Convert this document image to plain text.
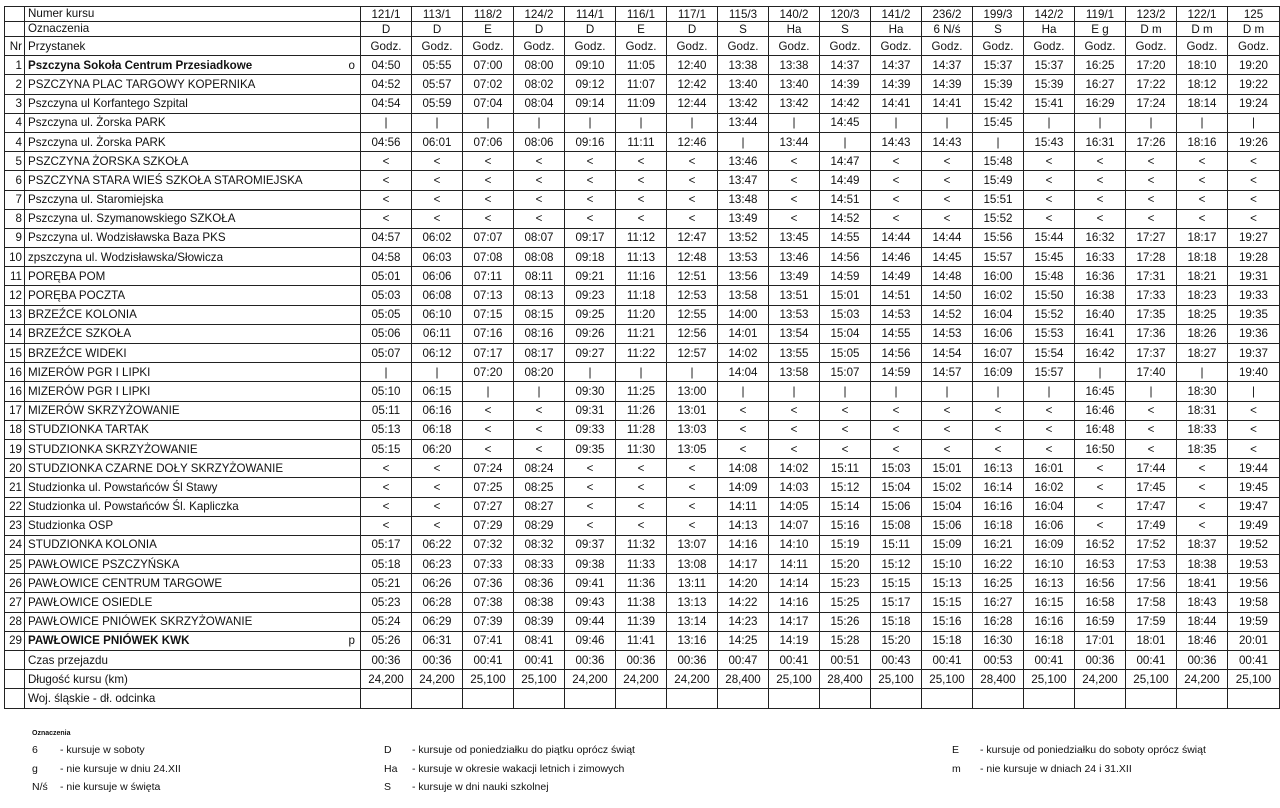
	Numer kursu	121/1	113/1	118/2	124/2	114/1	116/1	117/1	115/3	140/2	120/3	141/2	236/2	199/3	142/2	119/1	123/2	122/1	125
	Oznaczenia	D	D	E	D	D	E	D	S	Ha	S	Ha	6 N/ś	S	Ha	E g	D m	D m	D m
Nr	Przystanek	Godz.	Godz.	Godz.	Godz.	Godz.	Godz.	Godz.	Godz.	Godz.	Godz.	Godz.	Godz.	Godz.	Godz.	Godz.	Godz.	Godz.	Godz.
1	Pszczyna Sokoła Centrum Przesiadkowe o	04:50	05:55	07:00	08:00	09:10	11:05	12:40	13:38	13:38	14:37	14:37	14:37	15:37	15:37	16:25	17:20	18:10	19:20
2	PSZCZYNA PLAC TARGOWY KOPERNIKA	04:52	05:57	07:02	08:02	09:12	11:07	12:42	13:40	13:40	14:39	14:39	14:39	15:39	15:39	16:27	17:22	18:12	19:22
3	Pszczyna ul Korfantego Szpital	04:54	05:59	07:04	08:04	09:14	11:09	12:44	13:42	13:42	14:42	14:41	14:41	15:42	15:41	16:29	17:24	18:14	19:24
4	Pszczyna ul. Żorska PARK	|	|	|	|	|	|	|	13:44	|	14:45	|	|	15:45	|	|	|	|	|
4	Pszczyna ul. Żorska PARK	04:56	06:01	07:06	08:06	09:16	11:11	12:46	|	13:44	|	14:43	14:43	|	15:43	16:31	17:26	18:16	19:26
5	PSZCZYNA ŻORSKA SZKOŁA	<	<	<	<	<	<	<	13:46	<	14:47	<	<	15:48	<	<	<	<	<
6	PSZCZYNA STARA WIEŚ SZKOŁA STAROMIEJSKA	<	<	<	<	<	<	<	13:47	<	14:49	<	<	15:49	<	<	<	<	<
7	Pszczyna ul. Staromiejska	<	<	<	<	<	<	<	13:48	<	14:51	<	<	15:51	<	<	<	<	<
8	Pszczyna ul. Szymanowskiego SZKOŁA	<	<	<	<	<	<	<	13:49	<	14:52	<	<	15:52	<	<	<	<	<
9	Pszczyna ul. Wodzisławska Baza PKS	04:57	06:02	07:07	08:07	09:17	11:12	12:47	13:52	13:45	14:55	14:44	14:44	15:56	15:44	16:32	17:27	18:17	19:27
10	zpszczyna ul. Wodzisławska/Słowicza	04:58	06:03	07:08	08:08	09:18	11:13	12:48	13:53	13:46	14:56	14:46	14:45	15:57	15:45	16:33	17:28	18:18	19:28
11	PORĘBA POM	05:01	06:06	07:11	08:11	09:21	11:16	12:51	13:56	13:49	14:59	14:49	14:48	16:00	15:48	16:36	17:31	18:21	19:31
12	PORĘBA POCZTA	05:03	06:08	07:13	08:13	09:23	11:18	12:53	13:58	13:51	15:01	14:51	14:50	16:02	15:50	16:38	17:33	18:23	19:33
13	BRZEŹCE KOLONIA	05:05	06:10	07:15	08:15	09:25	11:20	12:55	14:00	13:53	15:03	14:53	14:52	16:04	15:52	16:40	17:35	18:25	19:35
14	BRZEŹCE SZKOŁA	05:06	06:11	07:16	08:16	09:26	11:21	12:56	14:01	13:54	15:04	14:55	14:53	16:06	15:53	16:41	17:36	18:26	19:36
15	BRZEŹCE WIDEKI	05:07	06:12	07:17	08:17	09:27	11:22	12:57	14:02	13:55	15:05	14:56	14:54	16:07	15:54	16:42	17:37	18:27	19:37
16	MIZERÓW PGR I LIPKI	|	|	07:20	08:20	|	|	|	14:04	13:58	15:07	14:59	14:57	16:09	15:57	|	17:40	|	19:40
16	MIZERÓW PGR I LIPKI	05:10	06:15	|	|	09:30	11:25	13:00	|	|	|	|	|	|	|	16:45	|	18:30	|
17	MIZERÓW SKRZYŻOWANIE	05:11	06:16	<	<	09:31	11:26	13:01	<	<	<	<	<	<	<	16:46	<	18:31	<
18	STUDZIONKA TARTAK	05:13	06:18	<	<	09:33	11:28	13:03	<	<	<	<	<	<	<	16:48	<	18:33	<
19	STUDZIONKA SKRZYŻOWANIE	05:15	06:20	<	<	09:35	11:30	13:05	<	<	<	<	<	<	<	16:50	<	18:35	<
20	STUDZIONKA CZARNE DOŁY SKRZYŻOWANIE	<	<	07:24	08:24	<	<	<	14:08	14:02	15:11	15:03	15:01	16:13	16:01	<	17:44	<	19:44
21	Studzionka ul. Powstańców Śl Stawy	<	<	07:25	08:25	<	<	<	14:09	14:03	15:12	15:04	15:02	16:14	16:02	<	17:45	<	19:45
22	Studzionka ul. Powstańców Śl. Kapliczka	<	<	07:27	08:27	<	<	<	14:11	14:05	15:14	15:06	15:04	16:16	16:04	<	17:47	<	19:47
23	Studzionka OSP	<	<	07:29	08:29	<	<	<	14:13	14:07	15:16	15:08	15:06	16:18	16:06	<	17:49	<	19:49
24	STUDZIONKA KOLONIA	05:17	06:22	07:32	08:32	09:37	11:32	13:07	14:16	14:10	15:19	15:11	15:09	16:21	16:09	16:52	17:52	18:37	19:52
25	PAWŁOWICE PSZCZYŃSKA	05:18	06:23	07:33	08:33	09:38	11:33	13:08	14:17	14:11	15:20	15:12	15:10	16:22	16:10	16:53	17:53	18:38	19:53
26	PAWŁOWICE CENTRUM TARGOWE	05:21	06:26	07:36	08:36	09:41	11:36	13:11	14:20	14:14	15:23	15:15	15:13	16:25	16:13	16:56	17:56	18:41	19:56
27	PAWŁOWICE OSIEDLE	05:23	06:28	07:38	08:38	09:43	11:38	13:13	14:22	14:16	15:25	15:17	15:15	16:27	16:15	16:58	17:58	18:43	19:58
28	PAWŁOWICE PNIÓWEK SKRZYŻOWANIE	05:24	06:29	07:39	08:39	09:44	11:39	13:14	14:23	14:17	15:26	15:18	15:16	16:28	16:16	16:59	17:59	18:44	19:59
29	PAWŁOWICE PNIÓWEK KWK p	05:26	06:31	07:41	08:41	09:46	11:41	13:16	14:25	14:19	15:28	15:20	15:18	16:30	16:18	17:01	18:01	18:46	20:01
	Czas przejazdu	00:36	00:36	00:41	00:41	00:36	00:36	00:36	00:47	00:41	00:51	00:43	00:41	00:53	00:41	00:36	00:41	00:36	00:41
	Długość kursu (km)	24,200	24,200	25,100	25,100	24,200	24,200	24,200	28,400	25,100	28,400	25,100	25,100	28,400	25,100	24,200	25,100	24,200	25,100
	Woj. śląskie - dł. odcinka																		
Oznaczenia
6 - kursuje w soboty
g - nie kursuje w dniu 24.XII
N/ś - nie kursuje w święta
D - kursuje od poniedziałku do piątku oprócz świąt
Ha - kursuje w okresie wakacji letnich i zimowych
S - kursuje w dni nauki szkolnej
E - kursuje od poniedziałku do soboty oprócz świąt
m - nie kursuje w dniach 24 i 31.XII
